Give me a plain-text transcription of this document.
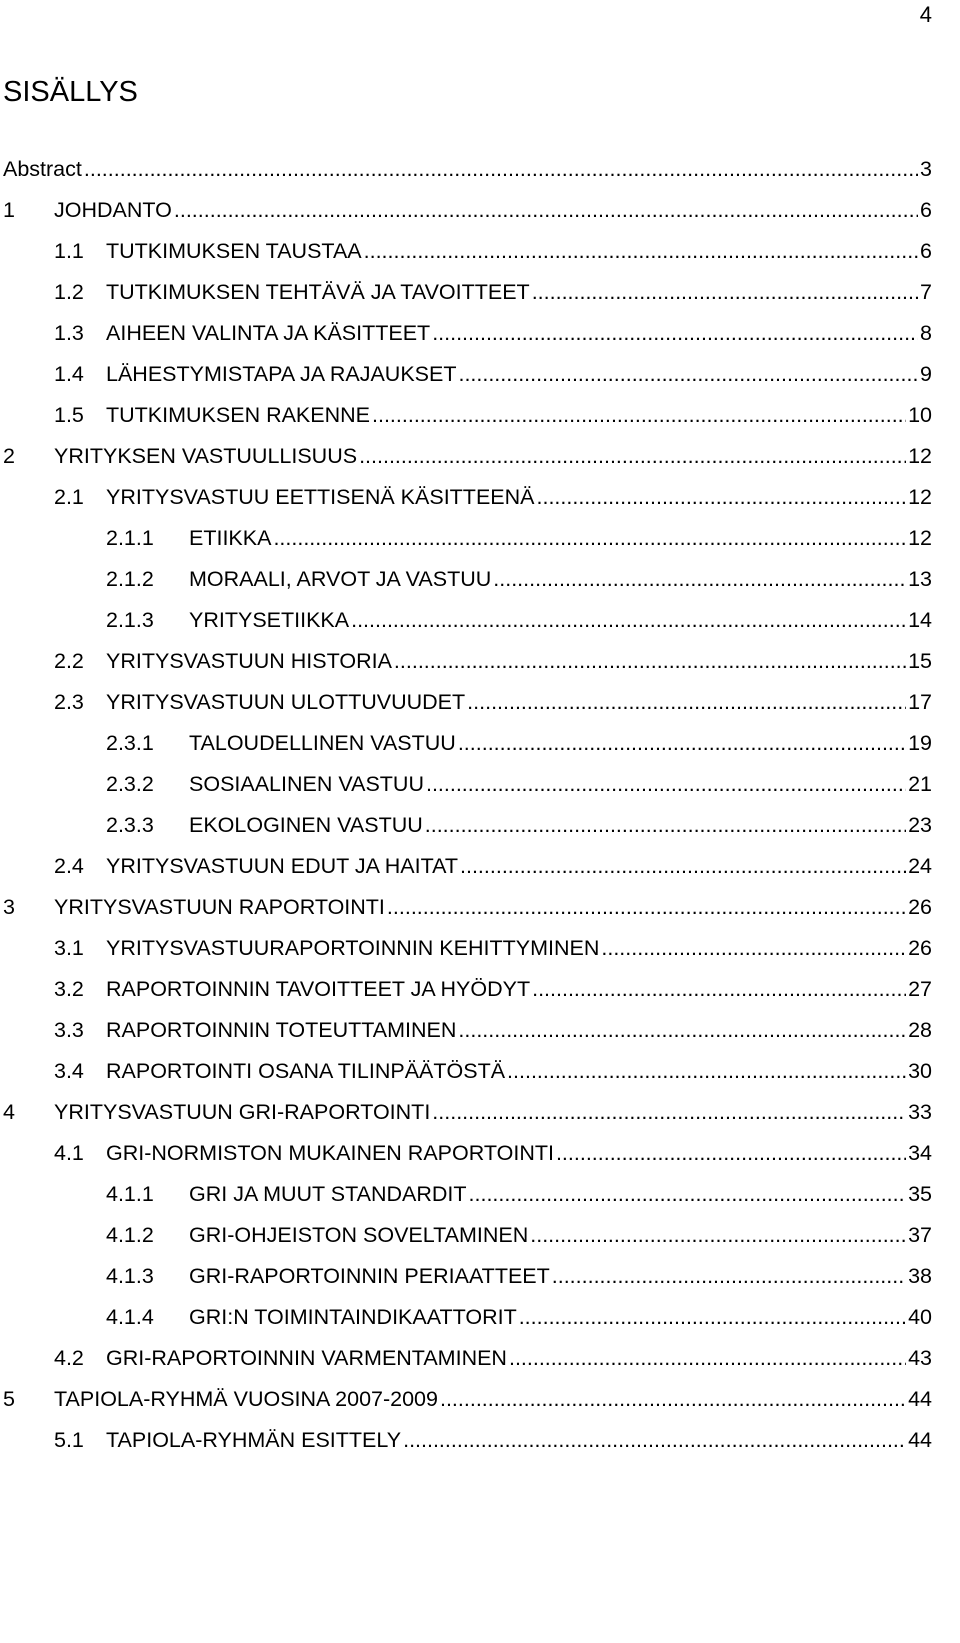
4
SISÄLLYS
Abstract .....	3
1	JOHDANTO .....	6
1.1	TUTKIMUKSEN TAUSTAA .....	6
1.2	TUTKIMUKSEN TEHTÄVÄ JA TAVOITTEET .....	7
1.3	AIHEEN VALINTA JA KÄSITTEET .....	8
1.4	LÄHESTYMISTAPA JA RAJAUKSET .....	9
1.5	TUTKIMUKSEN RAKENNE .....	10
2	YRITYKSEN VASTUULLISUUS .....	12
2.1	YRITYSVASTUU EETTISENÄ KÄSITTEENÄ .....	12
2.1.1	ETIIKKA .....	12
2.1.2	MORAALI, ARVOT JA VASTUU .....	13
2.1.3	YRITYSETIIKKA .....	14
2.2	YRITYSVASTUUN HISTORIA .....	15
2.3	YRITYSVASTUUN ULOTTUVUUDET .....	17
2.3.1	TALOUDELLINEN VASTUU .....	19
2.3.2	SOSIAALINEN VASTUU .....	21
2.3.3	EKOLOGINEN VASTUU .....	23
2.4	YRITYSVASTUUN EDUT JA HAITAT .....	24
3	YRITYSVASTUUN RAPORTOINTI .....	26
3.1	YRITYSVASTUURAPORTOINNIN KEHITTYMINEN .....	26
3.2	RAPORTOINNIN TAVOITTEET JA HYÖDYT .....	27
3.3	RAPORTOINNIN TOTEUTTAMINEN .....	28
3.4	RAPORTOINTI OSANA TILINPÄÄTÖSTÄ .....	30
4	YRITYSVASTUUN GRI-RAPORTOINTI .....	33
4.1	GRI-NORMISTON MUKAINEN RAPORTOINTI .....	34
4.1.1	GRI JA MUUT STANDARDIT .....	35
4.1.2	GRI-OHJEISTON SOVELTAMINEN .....	37
4.1.3	GRI-RAPORTOINNIN PERIAATTEET .....	38
4.1.4	GRI:N TOIMINTAINDIKAATTORIT .....	40
4.2	GRI-RAPORTOINNIN VARMENTAMINEN .....	43
5	TAPIOLA-RYHMÄ VUOSINA 2007-2009 .....	44
5.1	TAPIOLA-RYHMÄN ESITTELY .....	44
